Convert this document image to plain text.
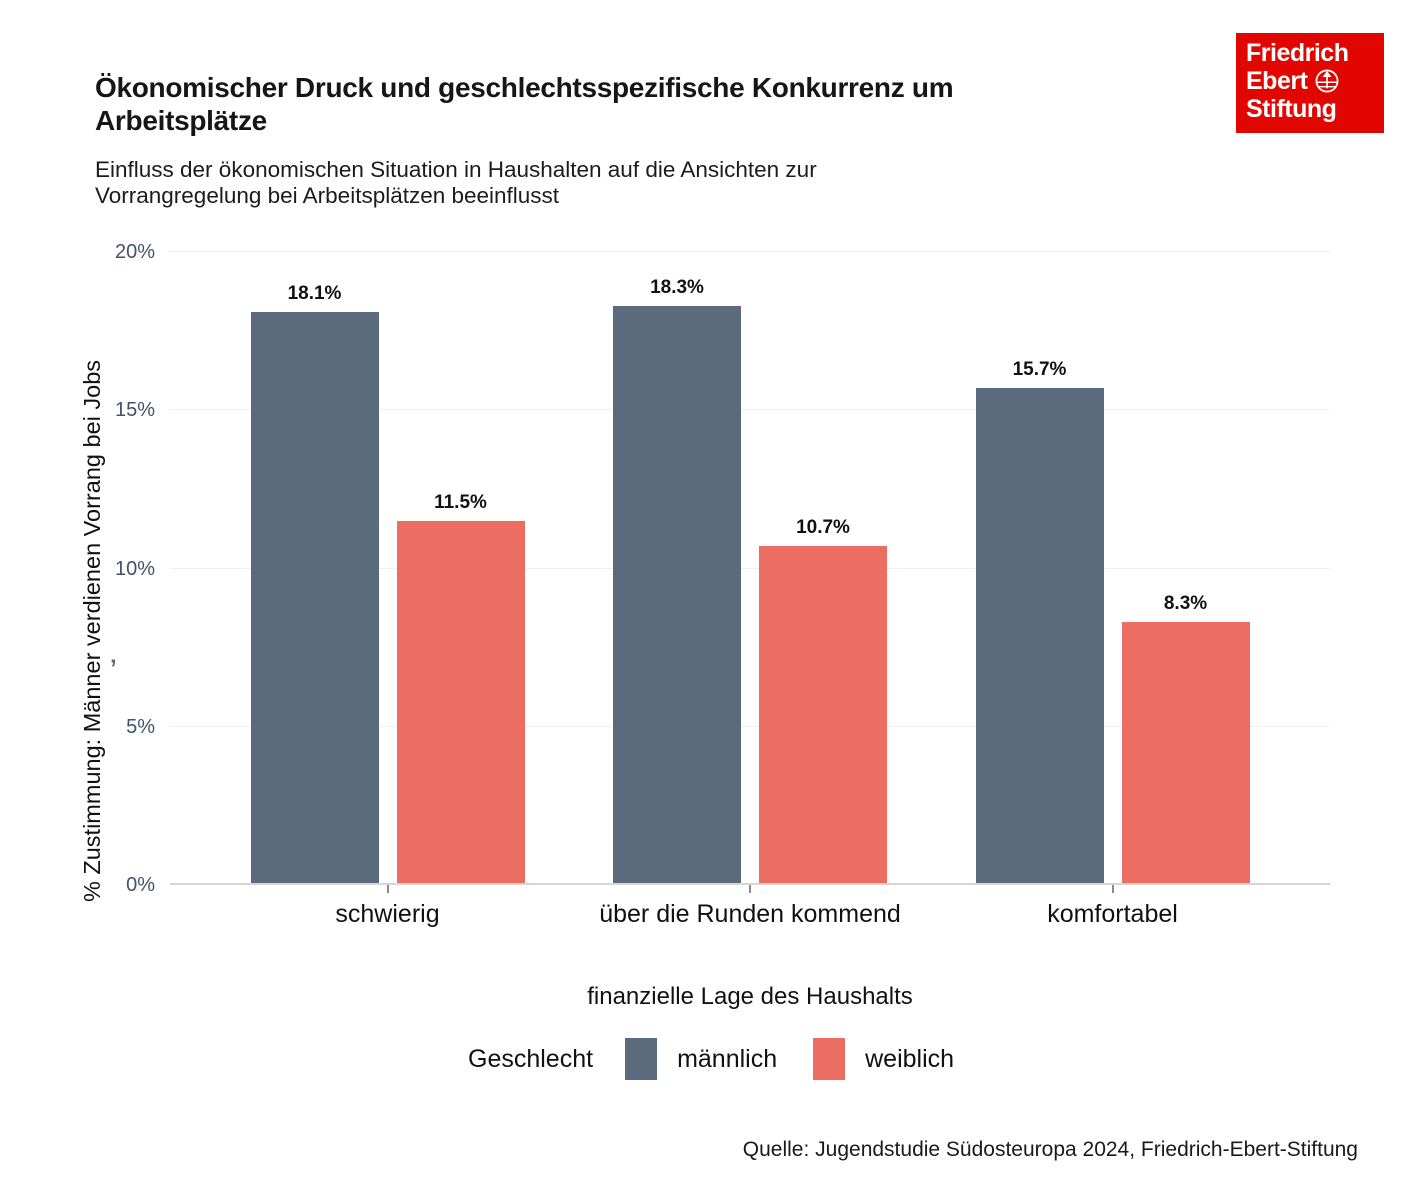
Ökonomischer Druck und geschlechtsspezifische Konkurrenz um
Arbeitsplätze

Einfluss der ökonomischen Situation in Haushalten auf die Ansichten zur
Vorrangregelung bei Arbeitsplätzen beeinflusst

Friedrich
Ebert
Stiftung
% Zustimmung: Männer verdienen Vorrang bei Jobs	0%
5%
10%
15%
20%
schwierig
18.1%
11.5%
über die Runden kommend
18.3%
10.7%
komfortabel
15.7%
8.3%
’
finanzielle Lage des Haushalts
Geschlecht	männlich	weiblich
Quelle: Jugendstudie Südosteuropa 2024, Friedrich-Ebert-Stiftung
